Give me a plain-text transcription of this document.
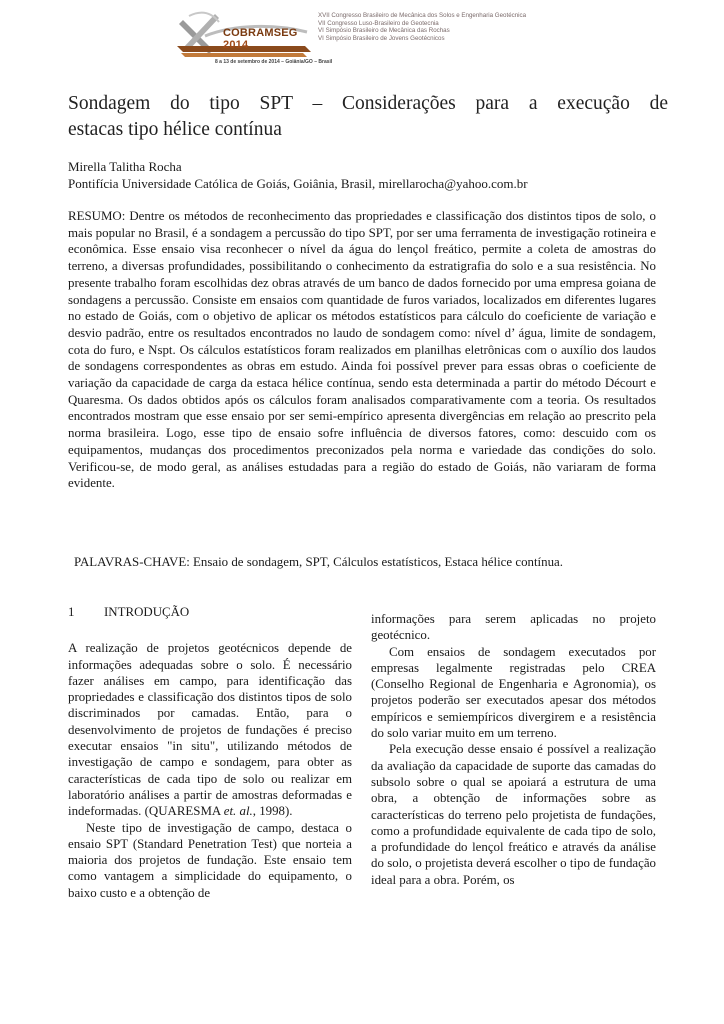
COBRAMSEG 2014
8 a 13 de setembro de 2014 – Goiânia/GO – Brasil
XVII Congresso Brasileiro de Mecânica dos Solos e Engenharia Geotécnica
VII Congresso Luso-Brasileiro de Geotecnia
VI Simpósio Brasileiro de Mecânica das Rochas
VI Simpósio Brasileiro de Jovens Geotécnicos
Sondagem do tipo SPT – Considerações para a execução de
estacas tipo hélice contínua
Mirella Talitha Rocha
Pontifícia Universidade Católica de Goiás, Goiânia, Brasil, mirellarocha@yahoo.com.br
RESUMO: Dentre os métodos de reconhecimento das propriedades e classificação dos distintos tipos de solo, o mais popular no Brasil, é a sondagem a percussão do tipo SPT, por ser uma ferramenta de investigação rotineira e econômica. Esse ensaio visa reconhecer o nível da água do lençol freático, permite a coleta de amostras do terreno, a diversas profundidades, possibilitando o conhecimento da estratigrafia do solo e a sua resistência. No presente trabalho foram escolhidas dez obras através de um banco de dados fornecido por uma empresa goiana de sondagens a percussão. Consiste em ensaios com quantidade de furos variados, localizados em diferentes lugares no estado de Goiás, com o objetivo de aplicar os métodos estatísticos para cálculo do coeficiente de variação e desvio padrão, entre os resultados encontrados no laudo de sondagem como: nível d’ água, limite de sondagem, cota do furo, e Nspt. Os cálculos estatísticos foram realizados em planilhas eletrônicas com o auxílio dos laudos de sondagens correspondentes as obras em estudo. Ainda foi possível prever para essas obras o coeficiente de variação da capacidade de carga da estaca hélice contínua, sendo esta determinada a partir do método Décourt e Quaresma. Os dados obtidos após os cálculos foram analisados comparativamente com a teoria. Os resultados encontrados mostram que esse ensaio por ser semi-empírico apresenta divergências em relação ao prescrito pela norma brasileira. Logo, esse tipo de ensaio sofre influência de diversos fatores, como: descuido com os equipamentos, mudanças dos procedimentos preconizados pela norma e variedade das condições do solo. Verificou-se, de modo geral, as análises estudadas para a região do estado de Goiás, não variaram de forma evidente.
PALAVRAS-CHAVE: Ensaio de sondagem, SPT, Cálculos estatísticos, Estaca hélice contínua.
1 INTRODUÇÃO

A realização de projetos geotécnicos depende de informações adequadas sobre o solo. É necessário fazer análises em campo, para identificação das propriedades e classificação dos distintos tipos de solo discriminados por camadas. Então, para o desenvolvimento de projetos de fundações é preciso executar ensaios "in situ", utilizando métodos de investigação de campo e sondagem, para obter as características de cada tipo de solo ou realizar em laboratório análises a partir de amostras deformadas e indeformadas. (QUARESMA et. al., 1998).

Neste tipo de investigação de campo, destaca o ensaio SPT (Standard Penetration Test) que norteia a maioria dos projetos de fundação. Este ensaio tem como vantagem a simplicidade do equipamento, o baixo custo e a obtenção de

informações para serem aplicadas no projeto geotécnico.

Com ensaios de sondagem executados por empresas legalmente registradas pelo CREA (Conselho Regional de Engenharia e Agronomia), os projetos poderão ser executados apesar dos métodos empíricos e semiempíricos divergirem e a resistência do solo variar muito em um terreno.

Pela execução desse ensaio é possível a realização da avaliação da capacidade de suporte das camadas do subsolo sobre o qual se apoiará a estrutura de uma obra, a obtenção de informações sobre as características do terreno pelo projetista de fundações, como a profundidade equivalente de cada tipo de solo, a profundidade do lençol freático e através da análise do solo, o projetista deverá escolher o tipo de fundação ideal para a obra. Porém, os
